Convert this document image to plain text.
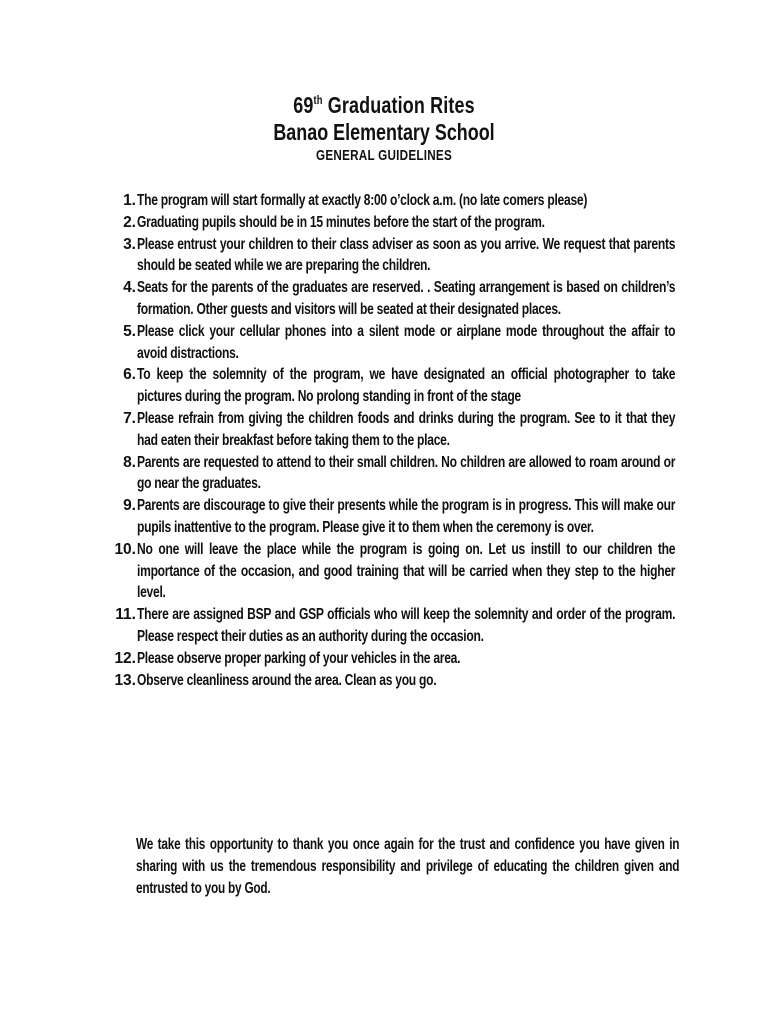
69th Graduation Rites
Banao Elementary School
GENERAL GUIDELINES
1. The program will start formally at exactly 8:00 o’clock a.m. (no late comers please)
2. Graduating pupils should be in 15 minutes before the start of the program.
3. Please entrust your children to their class adviser as soon as you arrive. We request that parents should be seated while we are preparing the children.
4. Seats for the parents of the graduates are reserved. . Seating arrangement is based on children’s formation. Other guests and visitors will be seated at their designated places.
5. Please click your cellular phones into a silent mode or airplane mode throughout the affair to avoid distractions.
6. To keep the solemnity of the program, we have designated an official photographer to take pictures during the program. No prolong standing in front of the stage
7. Please refrain from giving the children foods and drinks during the program. See to it that they had eaten their breakfast before taking them to the place.
8. Parents are requested to attend to their small children. No children are allowed to roam around or go near the graduates.
9. Parents are discourage to give their presents while the program is in progress. This will make our pupils inattentive to the program. Please give it to them when the ceremony is over.
10. No one will leave the place while the program is going on. Let us instill to our children the importance of the occasion, and good training that will be carried when they step to the higher level.
11. There are assigned BSP and GSP officials who will keep the solemnity and order of the program. Please respect their duties as an authority during the occasion.
12. Please observe proper parking of your vehicles in the area.
13. Observe cleanliness around the area. Clean as you go.
We take this opportunity to thank you once again for the trust and confidence you have given in sharing with us the tremendous responsibility and privilege of educating the children given and entrusted to you by God.
